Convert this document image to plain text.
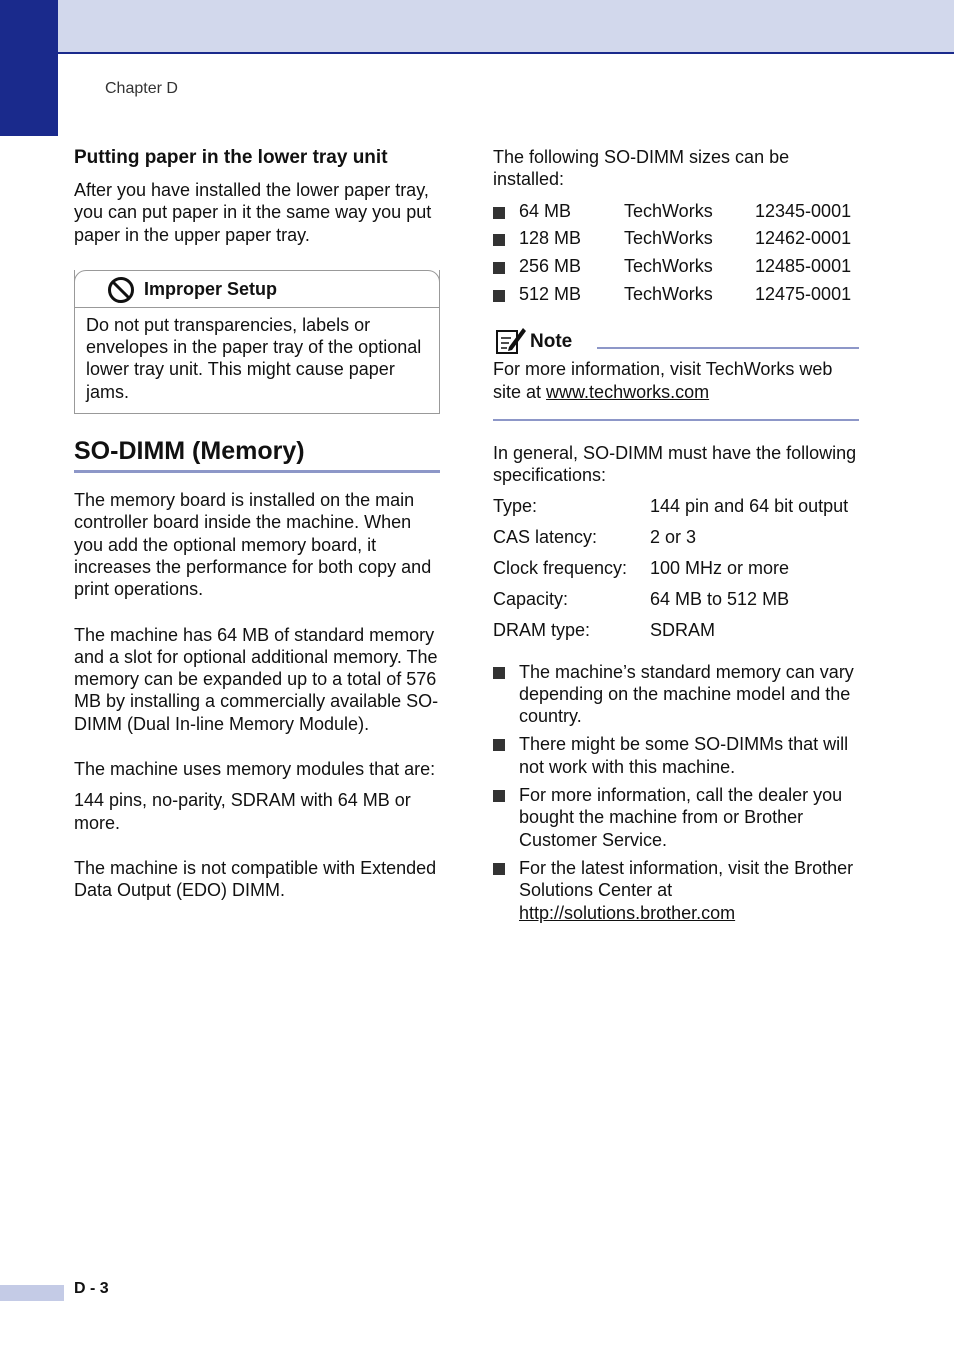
Chapter D
Putting paper in the lower tray unit

After you have installed the lower paper tray, you can put paper in it the same way you put paper in the upper paper tray.

Improper Setup
Do not put transparencies, labels or envelopes in the paper tray of the optional lower tray unit. This might cause paper jams.
SO-DIMM (Memory)

The memory board is installed on the main controller board inside the machine. When you add the optional memory board, it increases the performance for both copy and print operations.

The machine has 64 MB of standard memory and a slot for optional additional memory. The memory can be expanded up to a total of 576 MB by installing a commercially available SO-DIMM (Dual In-line Memory Module).

The machine uses memory modules that are:

144 pins, no-parity, SDRAM with 64 MB or more.

The machine is not compatible with Extended Data Output (EDO) DIMM.

The following SO-DIMM sizes can be installed:

64 MB	TechWorks 12345-0001
128 MB TechWorks 12462-0001
256 MB TechWorks 12485-0001
512 MB TechWorks 12475-0001
Note

For more information, visit TechWorks web site at www.techworks.com

In general, SO-DIMM must have the following specifications:

Type:	144 pin and 64 bit output
CAS latency:	2 or 3
Clock frequency: 100 MHz or more
Capacity:	64 MB to 512 MB
DRAM type:	SDRAM
The machine’s standard memory can vary depending on the machine model and the country.
There might be some SO-DIMMs that will not work with this machine.
For more information, call the dealer you bought the machine from or Brother Customer Service.
For the latest information, visit the Brother Solutions Center at
http://solutions.brother.com
D - 3
